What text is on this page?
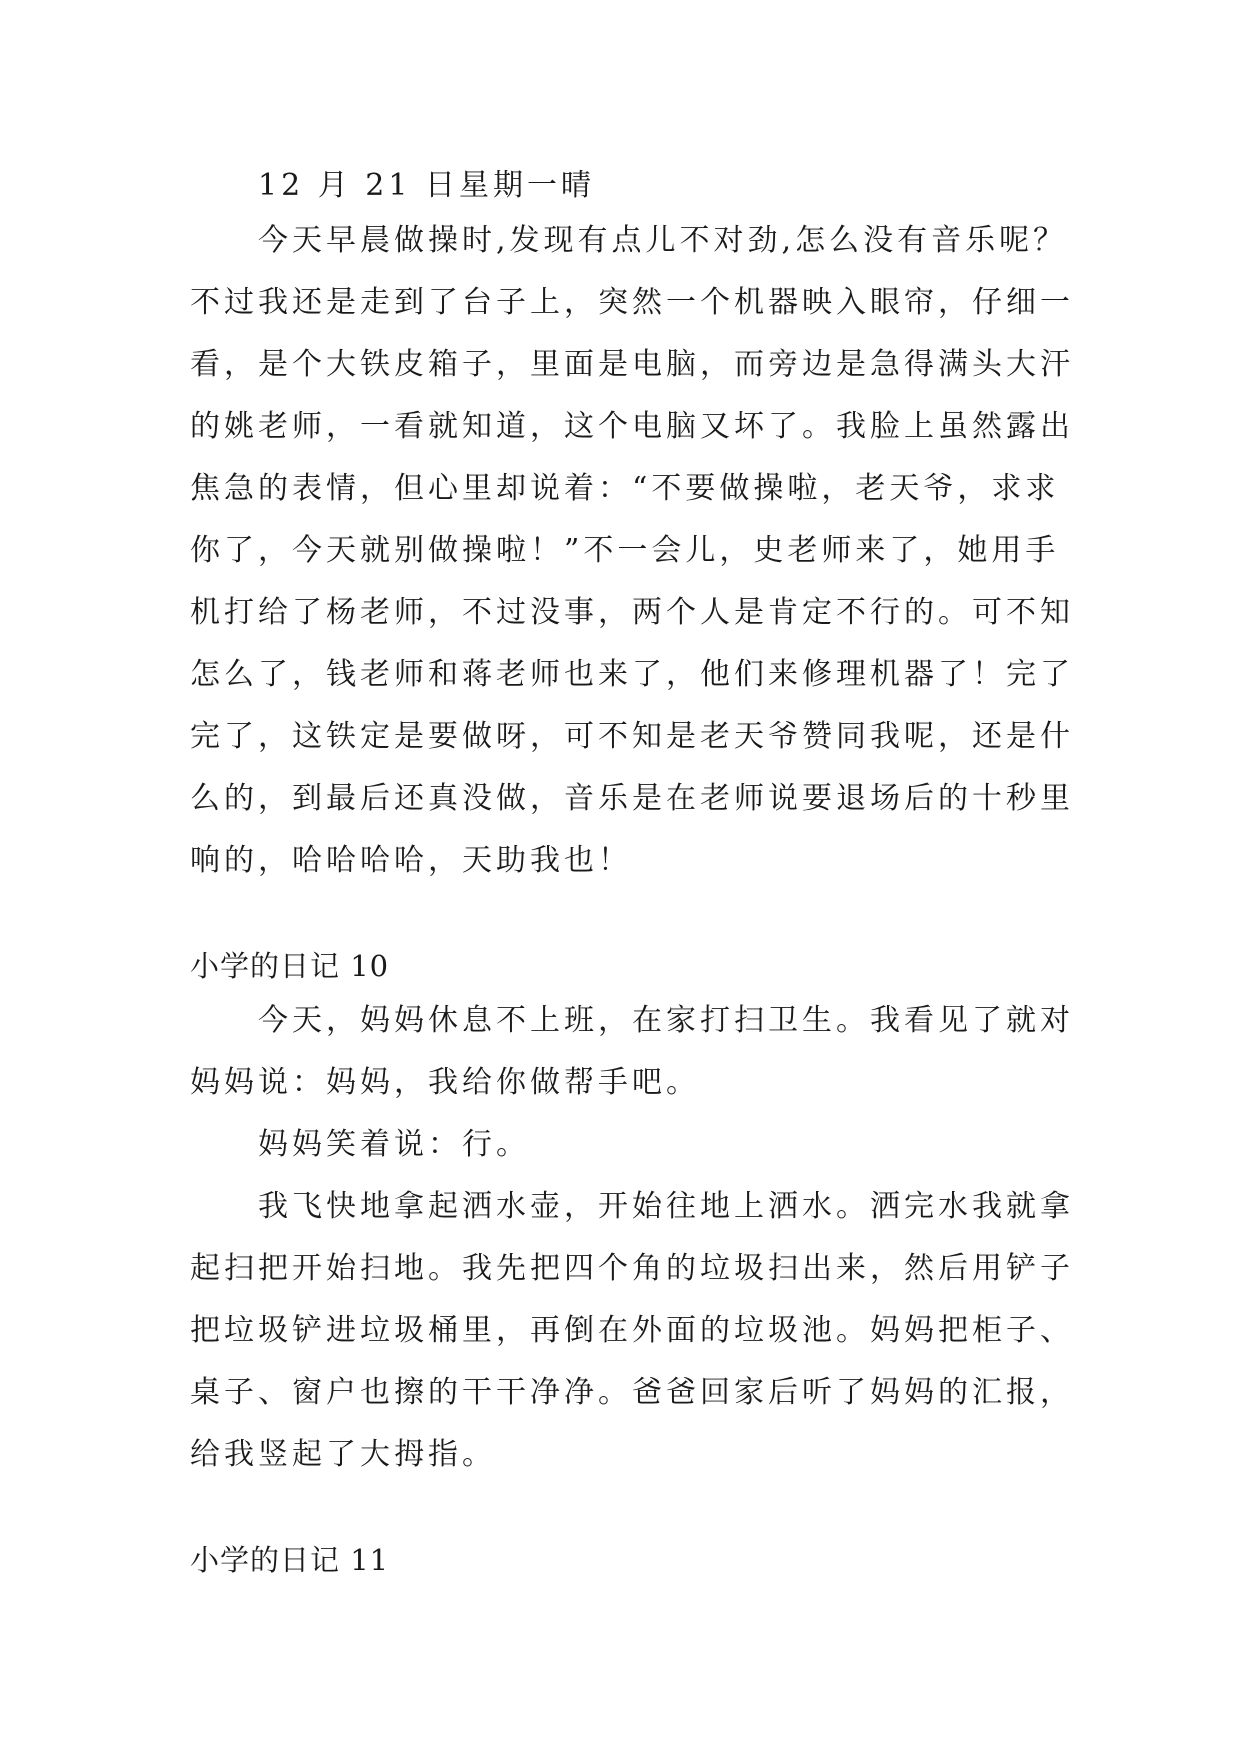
12 月 21 日星期一晴
今天早晨做操时,发现有点儿不对劲,怎么没有音乐呢？
不过我还是走到了台子上，突然一个机器映入眼帘，仔细一
看，是个大铁皮箱子，里面是电脑，而旁边是急得满头大汗
的姚老师，一看就知道，这个电脑又坏了。我脸上虽然露出
焦急的表情，但心里却说着：“不要做操啦，老天爷，求求
你了，今天就别做操啦！”不一会儿，史老师来了，她用手
机打给了杨老师，不过没事，两个人是肯定不行的。可不知
怎么了，钱老师和蒋老师也来了，他们来修理机器了！完了
完了，这铁定是要做呀，可不知是老天爷赞同我呢，还是什
么的，到最后还真没做，音乐是在老师说要退场后的十秒里
响的，哈哈哈哈，天助我也！
小学的日记 10
今天，妈妈休息不上班，在家打扫卫生。我看见了就对
妈妈说：妈妈，我给你做帮手吧。
妈妈笑着说：行。
我飞快地拿起洒水壶，开始往地上洒水。洒完水我就拿
起扫把开始扫地。我先把四个角的垃圾扫出来，然后用铲子
把垃圾铲进垃圾桶里，再倒在外面的垃圾池。妈妈把柜子、
桌子、窗户也擦的干干净净。爸爸回家后听了妈妈的汇报，
给我竖起了大拇指。
小学的日记 11
